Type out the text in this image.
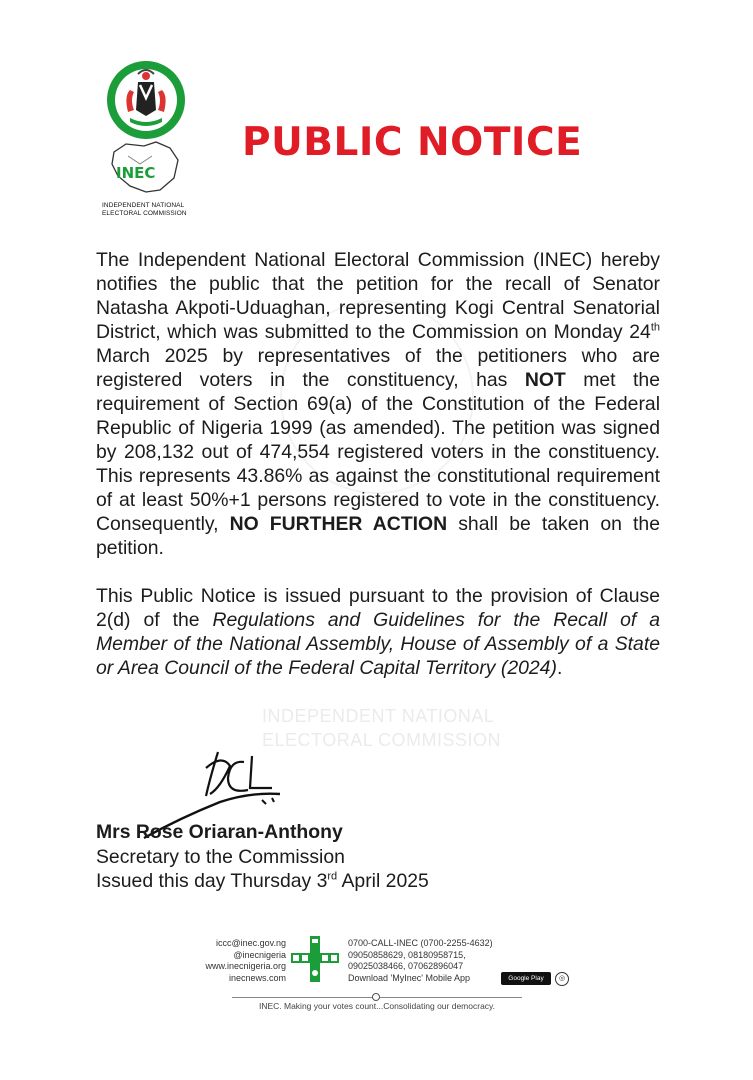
INEC
INDEPENDENT NATIONAL
ELECTORAL COMMISSION
PUBLIC NOTICE
INDEPENDENT NATIONAL
ELECTORAL COMMISSION

The Independent National Electoral Commission (INEC) hereby notifies the public that the petition for the recall of Senator Natasha Akpoti-Uduaghan, representing Kogi Central Senatorial District, which was submitted to the Commission on Monday 24th March 2025 by representatives of the petitioners who are registered voters in the constituency, has NOT met the requirement of Section 69(a) of the Constitution of the Federal Republic of Nigeria 1999 (as amended). The petition was signed by 208,132 out of 474,554 registered voters in the constituency. This represents 43.86% as against the constitutional requirement of at least 50%+1 persons registered to vote in the constituency. Consequently, NO FURTHER ACTION shall be taken on the petition.

This Public Notice is issued pursuant to the provision of Clause 2(d) of the Regulations and Guidelines for the Recall of a Member of the National Assembly, House of Assembly of a State or Area Council of the Federal Capital Territory (2024).

Mrs Rose Oriaran-Anthony
Secretary to the Commission
Issued this day Thursday 3rd April 2025
iccc@inec.gov.ng
@inecnigeria
www.inecnigeria.org
inecnews.com
0700-CALL-INEC (0700-2255-4632)
09050858629, 08180958715,
09025038466, 07062896047
Download 'MyInec' Mobile App	Google Play	◎
INEC. Making your votes count...Consolidating our democracy.
